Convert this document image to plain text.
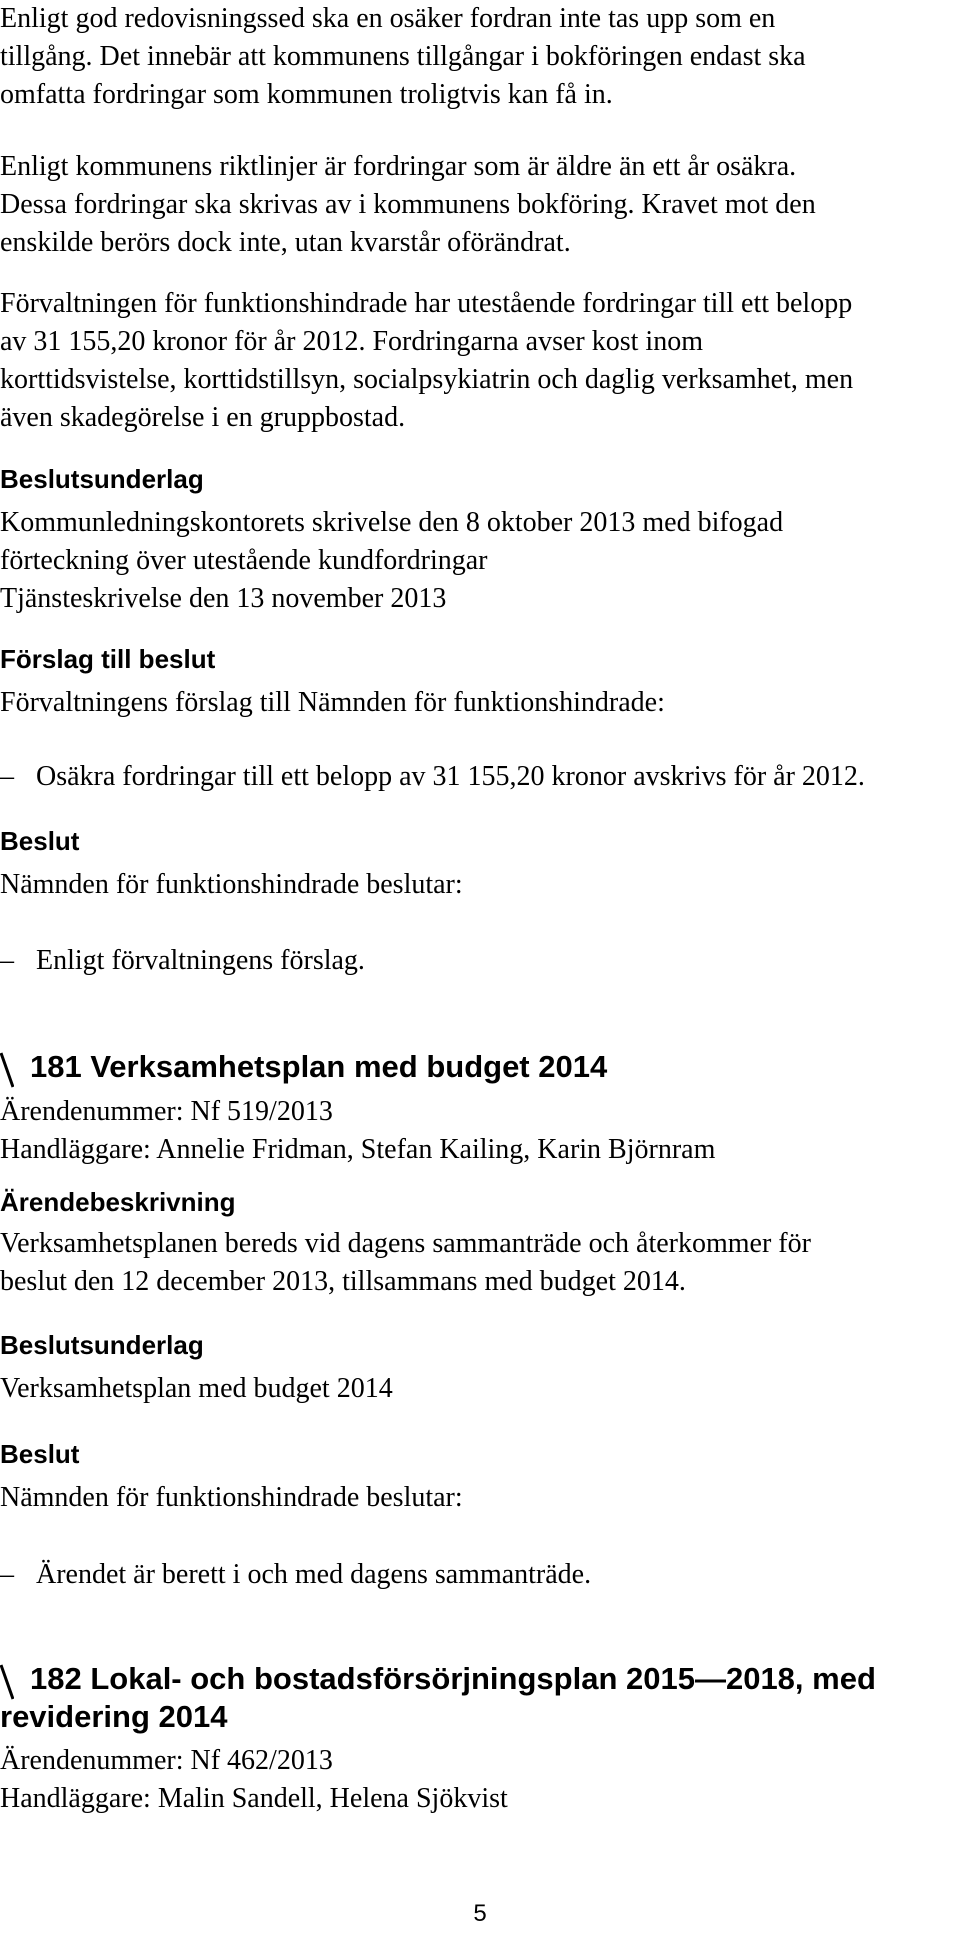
Enligt god redovisningssed ska en osäker fordran inte tas upp som en
tillgång. Det innebär att kommunens tillgångar i bokföringen endast ska
omfatta fordringar som kommunen troligtvis kan få in.
Enligt kommunens riktlinjer är fordringar som är äldre än ett år osäkra.
Dessa fordringar ska skrivas av i kommunens bokföring. Kravet mot den
enskilde berörs dock inte, utan kvarstår oförändrat.
Förvaltningen för funktionshindrade har utestående fordringar till ett belopp
av 31 155,20 kronor för år 2012. Fordringarna avser kost inom
korttidsvistelse, korttidstillsyn, socialpsykiatrin och daglig verksamhet, men
även skadegörelse i en gruppbostad.
Beslutsunderlag
Kommunledningskontorets skrivelse den 8 oktober 2013 med bifogad
förteckning över utestående kundfordringar
Tjänsteskrivelse den 13 november 2013
Förslag till beslut
Förvaltningens förslag till Nämnden för funktionshindrade:
– Osäkra fordringar till ett belopp av 31 155,20 kronor avskrivs för år 2012.
Beslut
Nämnden för funktionshindrade beslutar:
– Enligt förvaltningens förslag.
181 Verksamhetsplan med budget 2014
Ärendenummer: Nf 519/2013
Handläggare: Annelie Fridman, Stefan Kailing, Karin Björnram
Ärendebeskrivning
Verksamhetsplanen bereds vid dagens sammanträde och återkommer för
beslut den 12 december 2013, tillsammans med budget 2014.
Beslutsunderlag
Verksamhetsplan med budget 2014
Beslut
Nämnden för funktionshindrade beslutar:
– Ärendet är berett i och med dagens sammanträde.
182 Lokal- och bostadsförsörjningsplan 2015—2018, med
revidering 2014
Ärendenummer: Nf 462/2013
Handläggare: Malin Sandell, Helena Sjökvist
5
